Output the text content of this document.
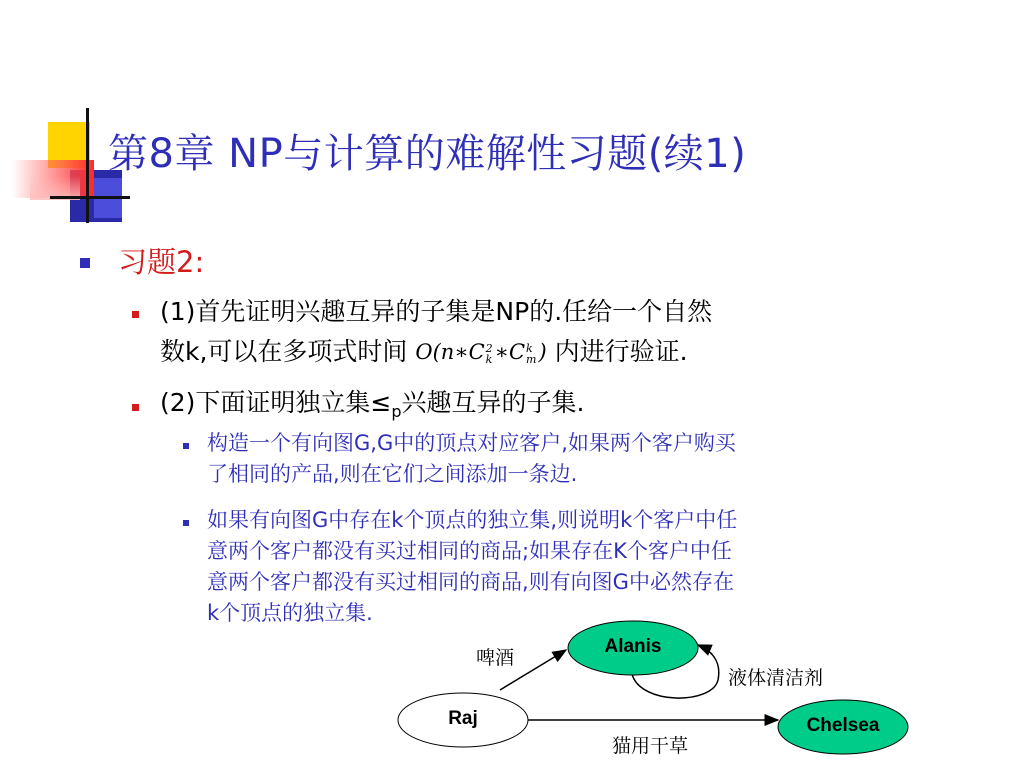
第8章 NP与计算的难解性习题(续1)
习题2:
(1)首先证明兴趣互异的子集是NP的.任给一个自然
数k,可以在多项式时间 O(n∗C 2
k ∗C k
m ) 内进行验证.
(2)下面证明独立集$\le_p$兴趣互异的子集.
构造一个有向图G,G中的顶点对应客户,如果两个客户购买
了相同的产品,则在它们之间添加一条边.
如果有向图G中存在k个顶点的独立集,则说明k个客户中任
意两个客户都没有买过相同的商品;如果存在K个客户中任
意两个客户都没有买过相同的商品,则有向图G中必然存在
k个顶点的独立集.
Alanis
Raj	Chelsea
啤酒
液体清洁剂
猫用干草
